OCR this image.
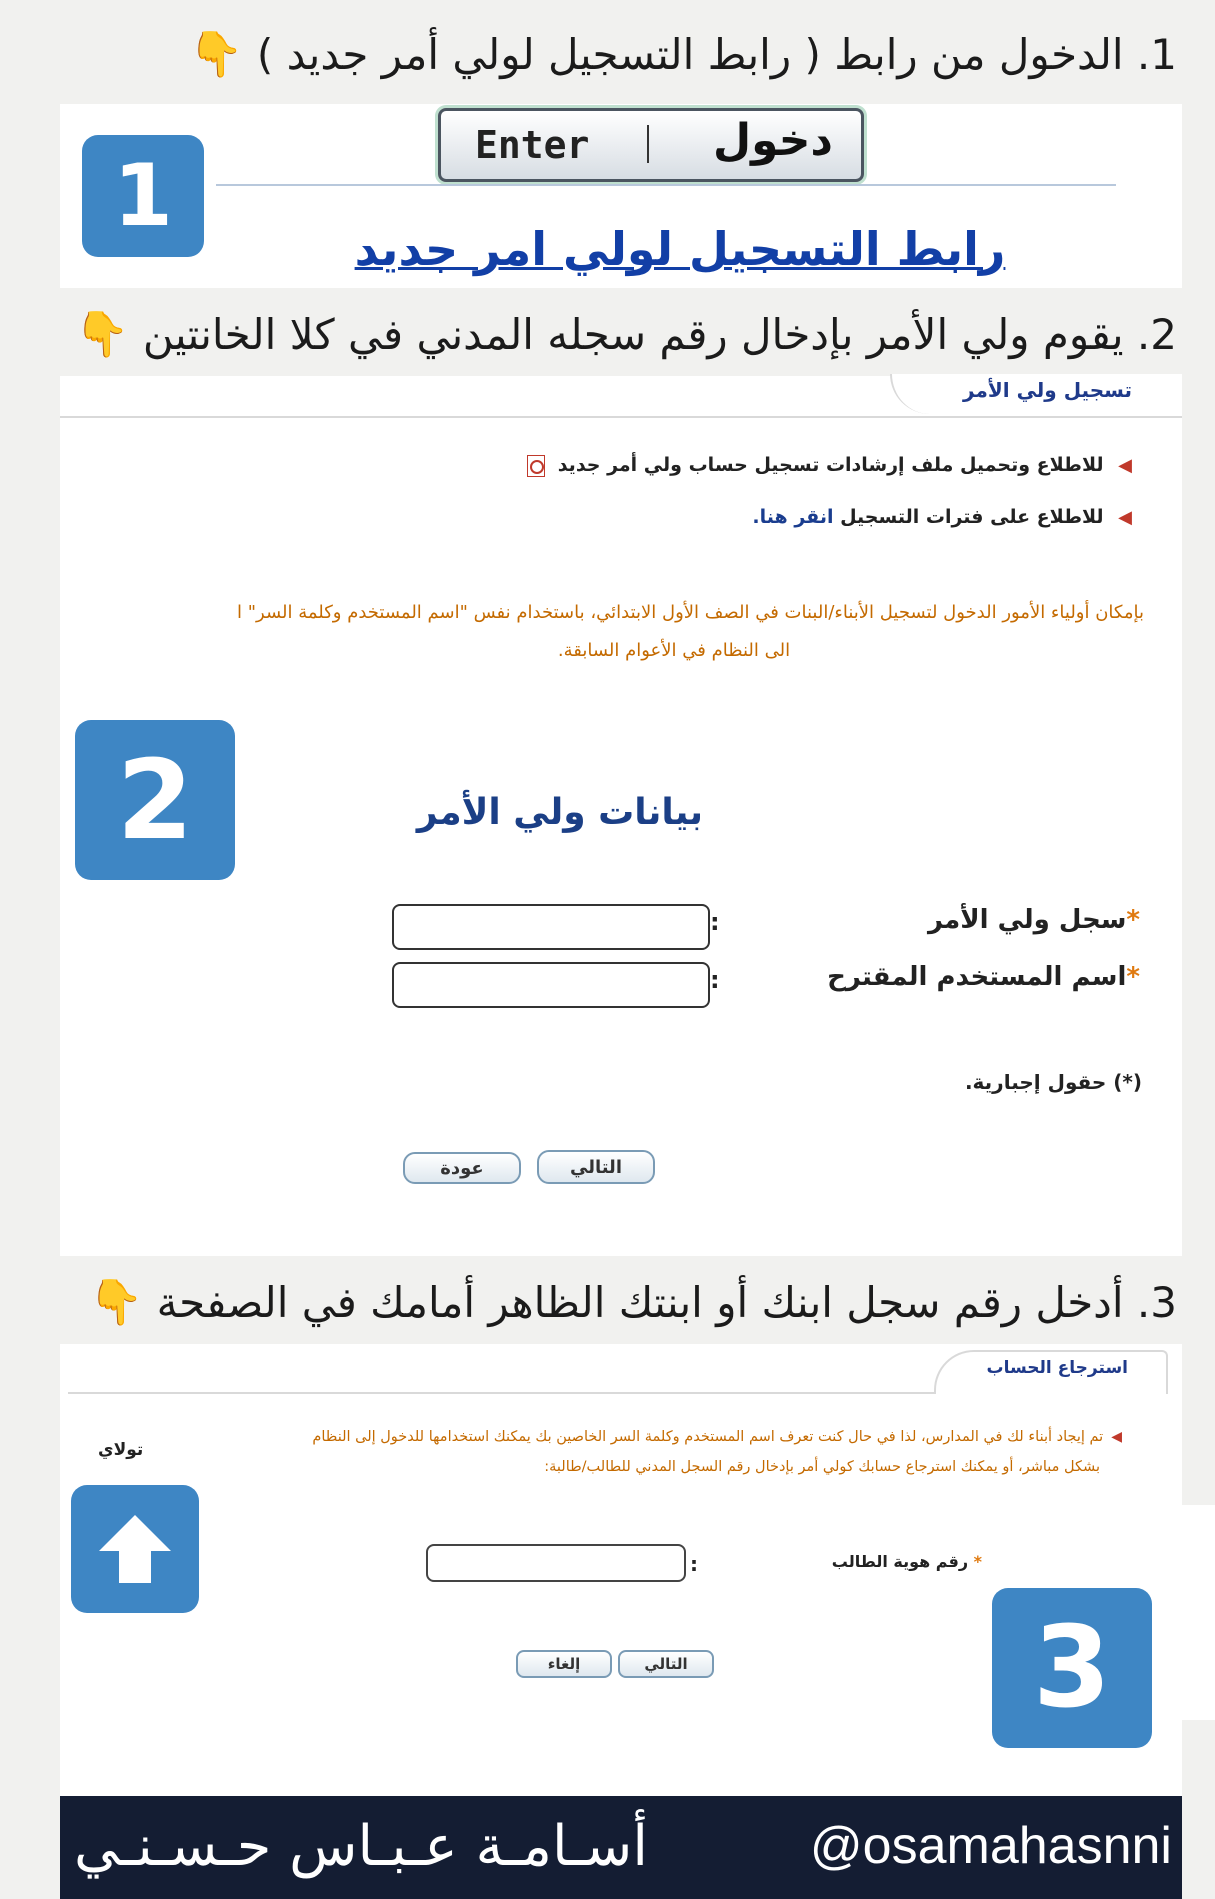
1. الدخول من رابط ( رابط التسجيل لولي أمر جديد ) 👇
1
Enter	دخول
رابط التسجيل لولي امر جديد
2. يقوم ولي الأمر بإدخال رقم سجله المدني في كلا الخانتين 👇
تسجيل ولي الأمر
◀ للاطلاع وتحميل ملف إرشادات تسجيل حساب ولي أمر جديد
◀ للاطلاع على فترات التسجيل انقر هنا.
بإمكان أولياء الأمور الدخول لتسجيل الأبناء/البنات في الصف الأول الابتدائي، باستخدام نفس "اسم المستخدم وكلمة السر" ا
الى النظام في الأعوام السابقة.
2	بيانات ولي الأمر
*سجل ولي الأمر
:
*اسم المستخدم المقترح
:
(*) حقول إجبارية.
التالي
عودة
3. أدخل رقم سجل ابنك أو ابنتك الظاهر أمامك في الصفحة 👇
استرجاع الحساب
◀تم إيجاد أبناء لك في المدارس، لذا في حال كنت تعرف اسم المستخدم وكلمة السر الخاصين بك يمكنك استخدامها للدخول إلى النظام
بشكل مباشر، أو يمكنك استرجاع حسابك كولي أمر بإدخال رقم السجل المدني للطالب/طالبة:
تولاي
* رقم هوية الطالب
:
التالي
إلغاء	3
أسـامـة عـبـاس حـسـنـي	@osamahasnni
